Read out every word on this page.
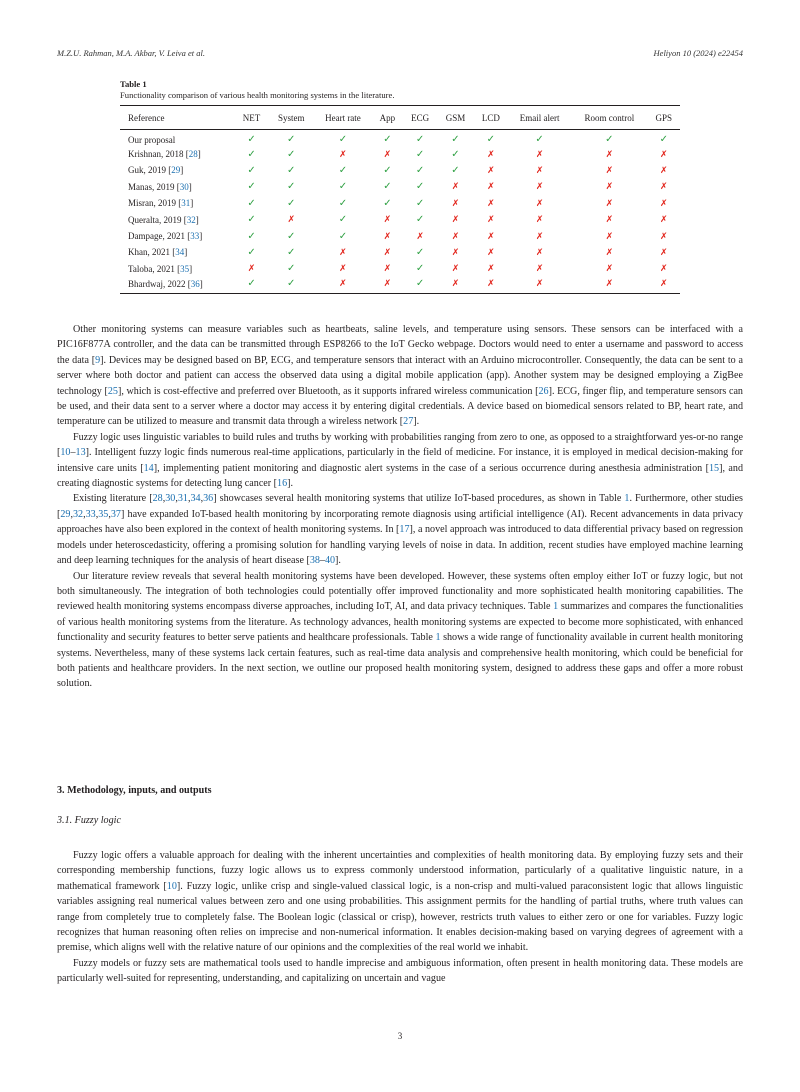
M.Z.U. Rahman, M.A. Akbar, V. Leiva et al.	Heliyon 10 (2024) e22454
Table 1
Functionality comparison of various health monitoring systems in the literature.
Reference	NET	System	Heart rate	App	ECG	GSM	LCD	Email alert	Room control	GPS
Our proposal	✓	✓	✓	✓	✓	✓	✓	✓	✓	✓
Krishnan, 2018 [28]	✓	✓	✗	✗	✓	✓	✗	✗	✗	✗
Guk, 2019 [29]	✓	✓	✓	✓	✓	✓	✗	✗	✗	✗
Manas, 2019 [30]	✓	✓	✓	✓	✓	✗	✗	✗	✗	✗
Misran, 2019 [31]	✓	✓	✓	✓	✓	✗	✗	✗	✗	✗
Queralta, 2019 [32]	✓	✗	✓	✗	✓	✗	✗	✗	✗	✗
Dampage, 2021 [33]	✓	✓	✓	✗	✗	✗	✗	✗	✗	✗
Khan, 2021 [34]	✓	✓	✗	✗	✓	✗	✗	✗	✗	✗
Taloba, 2021 [35]	✗	✓	✗	✗	✓	✗	✗	✗	✗	✗
Bhardwaj, 2022 [36]	✓	✓	✗	✗	✓	✗	✗	✗	✗	✗

Other monitoring systems can measure variables such as heartbeats, saline levels, and temperature using sensors. These sensors can be interfaced with a PIC16F877A controller, and the data can be transmitted through ESP8266 to the IoT Gecko webpage. Doctors would need to enter a username and password to access the data [9]. Devices may be designed based on BP, ECG, and temperature sensors that interact with an Arduino microcontroller. Consequently, the data can be sent to a server where both doctor and patient can access the observed data using a digital mobile application (app). Another system may be designed employing a ZigBee technology [25], which is cost-effective and preferred over Bluetooth, as it supports infrared wireless communication [26]. ECG, finger flip, and temperature sensors can be used, and their data sent to a server where a doctor may access it by entering digital credentials. A device based on biomedical sensors related to BP, heart rate, and temperature can be utilized to measure and transmit data through a wireless network [27].

Fuzzy logic uses linguistic variables to build rules and truths by working with probabilities ranging from zero to one, as opposed to a straightforward yes-or-no range [10–13]. Intelligent fuzzy logic finds numerous real-time applications, particularly in the field of medicine. For instance, it is employed in medical decision-making for intensive care units [14], implementing patient monitoring and diagnostic alert systems in the case of a serious occurrence during anesthesia administration [15], and creating diagnostic systems for detecting lung cancer [16].

Existing literature [28,30,31,34,36] showcases several health monitoring systems that utilize IoT-based procedures, as shown in Table 1. Furthermore, other studies [29,32,33,35,37] have expanded IoT-based health monitoring by incorporating remote diagnosis using artificial intelligence (AI). Recent advancements in data privacy approaches have also been explored in the context of health monitoring systems. In [17], a novel approach was introduced to data differential privacy based on regression models under heteroscedasticity, offering a promising solution for handling varying levels of noise in data. In addition, recent studies have employed machine learning and deep learning techniques for the analysis of heart disease [38–40].

Our literature review reveals that several health monitoring systems have been developed. However, these systems often employ either IoT or fuzzy logic, but not both simultaneously. The integration of both technologies could potentially offer improved functionality and more sophisticated health monitoring capabilities. The reviewed health monitoring systems encompass diverse approaches, including IoT, AI, and data privacy techniques. Table 1 summarizes and compares the functionalities of various health monitoring systems from the literature. As technology advances, health monitoring systems are expected to become more sophisticated, with enhanced functionality and security features to better serve patients and healthcare professionals. Table 1 shows a wide range of functionality available in current health monitoring systems. Nevertheless, many of these systems lack certain features, such as real-time data analysis and comprehensive health monitoring, which could be beneficial for both patients and healthcare providers. In the next section, we outline our proposed health monitoring system, designed to address these gaps and offer a more robust solution.

3. Methodology, inputs, and outputs
3.1. Fuzzy logic

Fuzzy logic offers a valuable approach for dealing with the inherent uncertainties and complexities of health monitoring data. By employing fuzzy sets and their corresponding membership functions, fuzzy logic allows us to express commonly understood information, particularly of a qualitative linguistic nature, in a mathematical framework [10]. Fuzzy logic, unlike crisp and single-valued classical logic, is a non-crisp and multi-valued paraconsistent logic that allows linguistic variables assigning real numerical values between zero and one using probabilities. This assignment permits for the handling of partial truths, where truth values can range from completely true to completely false. The Boolean logic (classical or crisp), however, restricts truth values to either zero or one for variables. Fuzzy logic recognizes that human reasoning often relies on imprecise and non-numerical information. It enables decision-making based on varying degrees of agreement with a premise, which aligns well with the relative nature of our opinions and the complexities of the real world we inhabit.

Fuzzy models or fuzzy sets are mathematical tools used to handle imprecise and ambiguous information, often present in health monitoring data. These models are particularly well-suited for representing, understanding, and capitalizing on uncertain and vague

3
